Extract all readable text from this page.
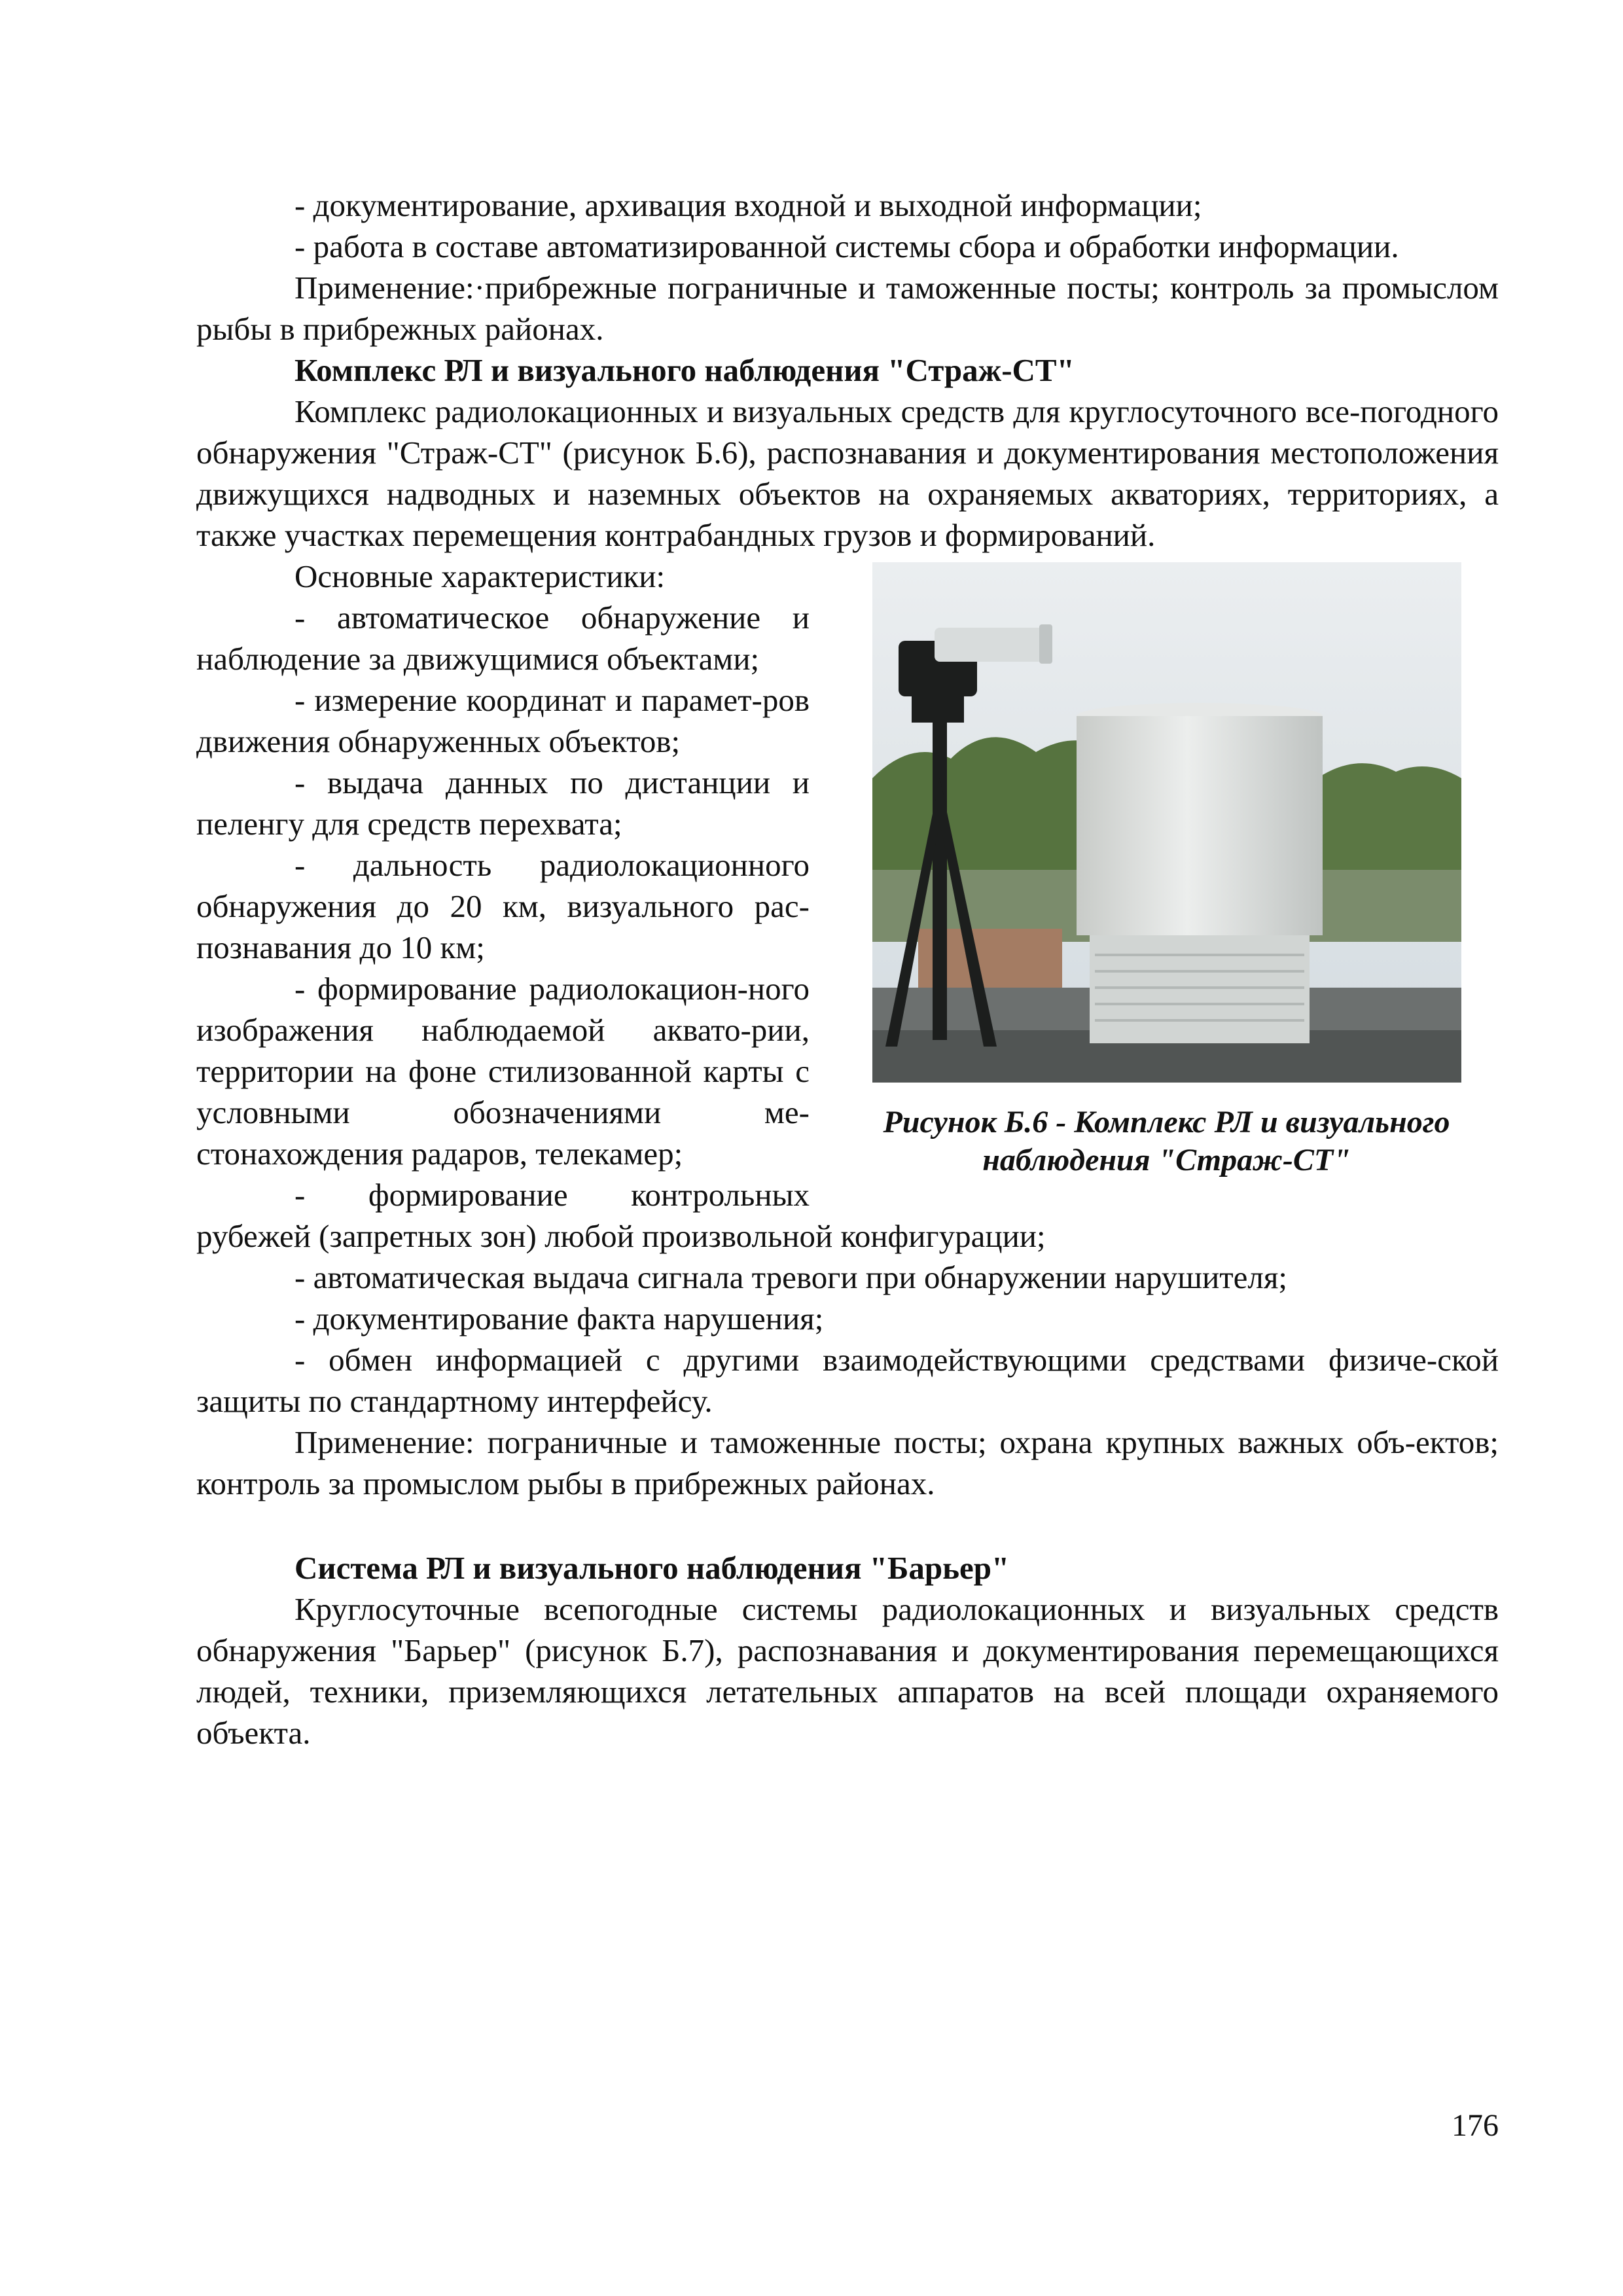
- документирование, архивация входной и выходной информации;

- работа в составе автоматизированной системы сбора и обработки информации.

Применение:·прибрежные пограничные и таможенные посты; контроль за промыслом рыбы в прибрежных районах.

Комплекс РЛ и визуального наблюдения "Страж-СТ"

Комплекс радиолокационных и визуальных средств для круглосуточного все-погодного обнаружения "Страж-СТ" (рисунок Б.6), распознавания и документирования местоположения движущихся надводных и наземных объектов на охраняемых акваториях, территориях, а также участках перемещения контрабандных грузов и формирований.

Рисунок Б.6 - Комплекс РЛ и визуального наблюдения "Страж-СТ"

Основные характеристики:

- автоматическое обнаружение и наблюдение за движущимися объектами;

- измерение координат и парамет-ров движения обнаруженных объектов;

- выдача данных по дистанции и пеленгу для средств перехвата;

- дальность радиолокационного обнаружения до 20 км, визуального рас-познавания до 10 км;

- формирование радиолокацион-ного изображения наблюдаемой аквато-рии, территории на фоне стилизованной карты с условными обозначениями ме-стонахождения радаров, телекамер;

- формирование контрольных рубежей (запретных зон) любой произвольной конфигурации;

- автоматическая выдача сигнала тревоги при обнаружении нарушителя;

- документирование факта нарушения;

- обмен информацией с другими взаимодействующими средствами физиче-ской защиты по стандартному интерфейсу.

Применение: пограничные и таможенные посты; охрана крупных важных объ-ектов; контроль за промыслом рыбы в прибрежных районах.

Система РЛ и визуального наблюдения "Барьер"

Круглосуточные всепогодные системы радиолокационных и визуальных средств обнаружения "Барьер" (рисунок Б.7), распознавания и документирования перемещающихся людей, техники, приземляющихся летательных аппаратов на всей площади охраняемого объекта.

176
